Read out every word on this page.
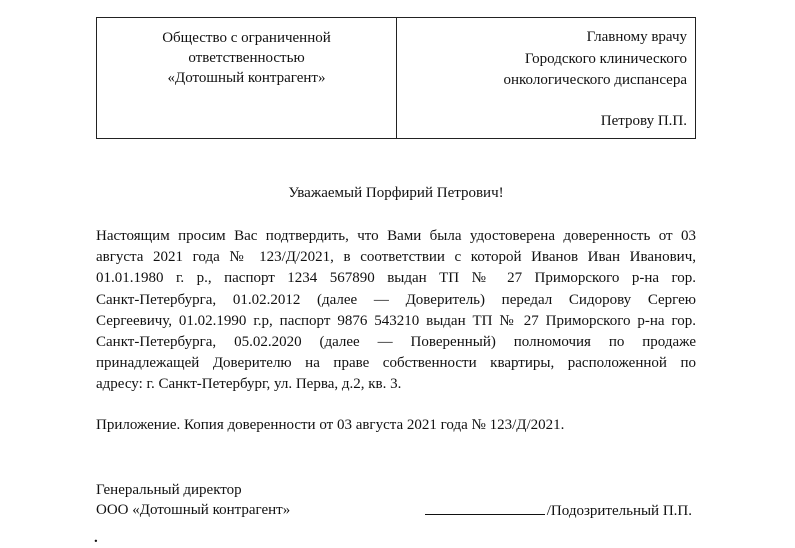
Общество с ограниченной
ответственностью
«Дотошный контрагент»
Главному врачу
Городского клинического
онкологического диспансера
Петрову П.П.
Уважаемый Порфирий Петрович!
Настоящим просим Вас подтвердить, что Вами была удостоверена доверенность от 03
августа 2021 года № 123/Д/2021, в соответствии с которой Иванов Иван Иванович,
01.01.1980 г. р., паспорт 1234 567890 выдан ТП № 27 Приморского р-на гор.
Санкт-Петербурга, 01.02.2012 (далее — Доверитель) передал Сидорову Сергею
Сергеевичу, 01.02.1990 г.р, паспорт 9876 543210 выдан ТП № 27 Приморского р-на гор.
Санкт-Петербурга, 05.02.2020 (далее — Поверенный) полномочия по продаже
принадлежащей Доверителю на праве собственности квартиры, расположенной по
адресу: г. Санкт-Петербург, ул. Перва, д.2, кв. 3.
Приложение. Копия доверенности от 03 августа 2021 года № 123/Д/2021.
Генеральный директор
ООО «Дотошный контрагент»	/Подозрительный П.П.
.
